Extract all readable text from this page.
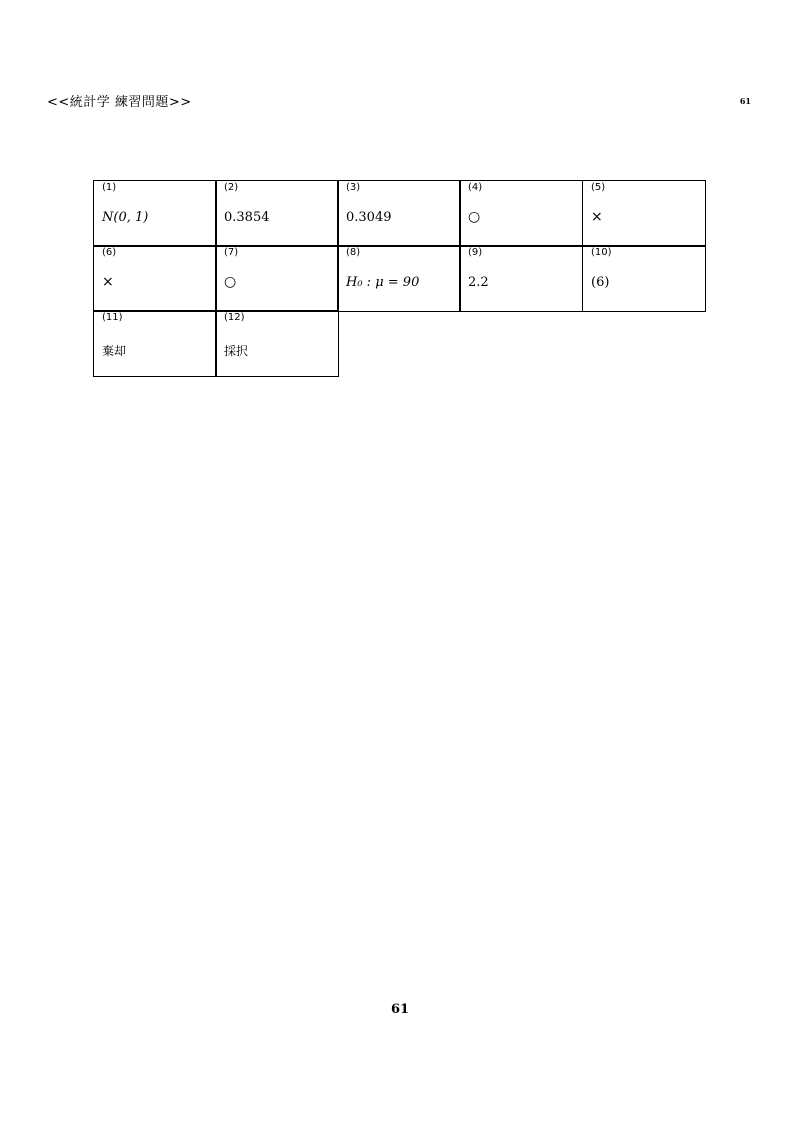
<<統計学 練習問題>>	61
(1)
N(0, 1)
(2)
0.3854
(3)
0.3049
(4)
○
(5)
×
(6)
×
(7)
○
(8)
H₀ : μ = 90
(9)
2.2
(10)
(6)
(11)
棄却
(12)
採択
61
